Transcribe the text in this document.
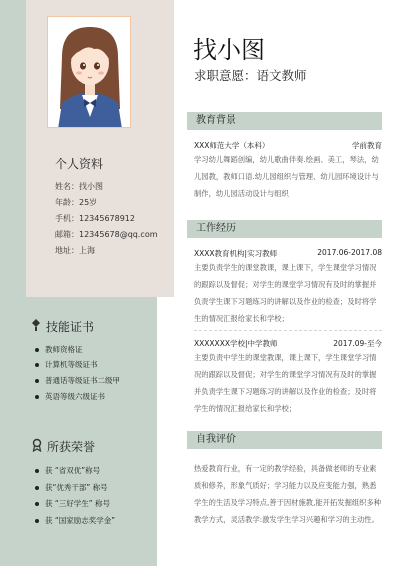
个人资料
姓名：找小图
年龄：25岁
手机：12345678912
邮箱：12345678@qq.com
地址：上海
技能证书
教师资格证
计算机等级证书
普通话等级证书二级甲
英语等级六级证书
所获荣誉
获 “省双优”称号
获“优秀干部” 称号
获 “三好学生” 称号
获 “国家励志奖学金”
找小图
求职意愿：语文教师
教育背景
XXX师范大学（本科）	学前教育
学习幼儿舞蹈创编，幼儿歌曲伴奏.绘画、美工，琴法，幼儿园教，教师口语.幼儿园组织与管理、幼儿园环境设计与制作，幼儿园活动设计与组织
工作经历
XXXX教育机构|实习教师	2017.06-2017.08
主要负责学生的课堂教课，课上课下，学生课堂学习情况的跟踪以及督促；对学生的课堂学习情况有及时的掌握并负责学生课下习题练习的讲解以及作业的检查；及时将学生的情况汇报给家长和学校；
XXXXXXX学校|中学教师	2017.09-至今
主要负责中学生的课堂教课，课上课下，学生课堂学习情况的跟踪以及督促；对学生的课堂学习情况有及时的掌握并负责学生课下习题练习的讲解以及作业的检查；及时将学生的情况汇报给家长和学校；
自我评价
热爱教育行业，有一定的教学经验，具备做老师的专业素质和修养，形象气质好；学习能力以及应变能力强，熟悉学生的生活及学习特点,善于因材施教,能开拓发掘组织多种教学方式，灵活教学:激发学生学习兴趣和学习的主动性。
